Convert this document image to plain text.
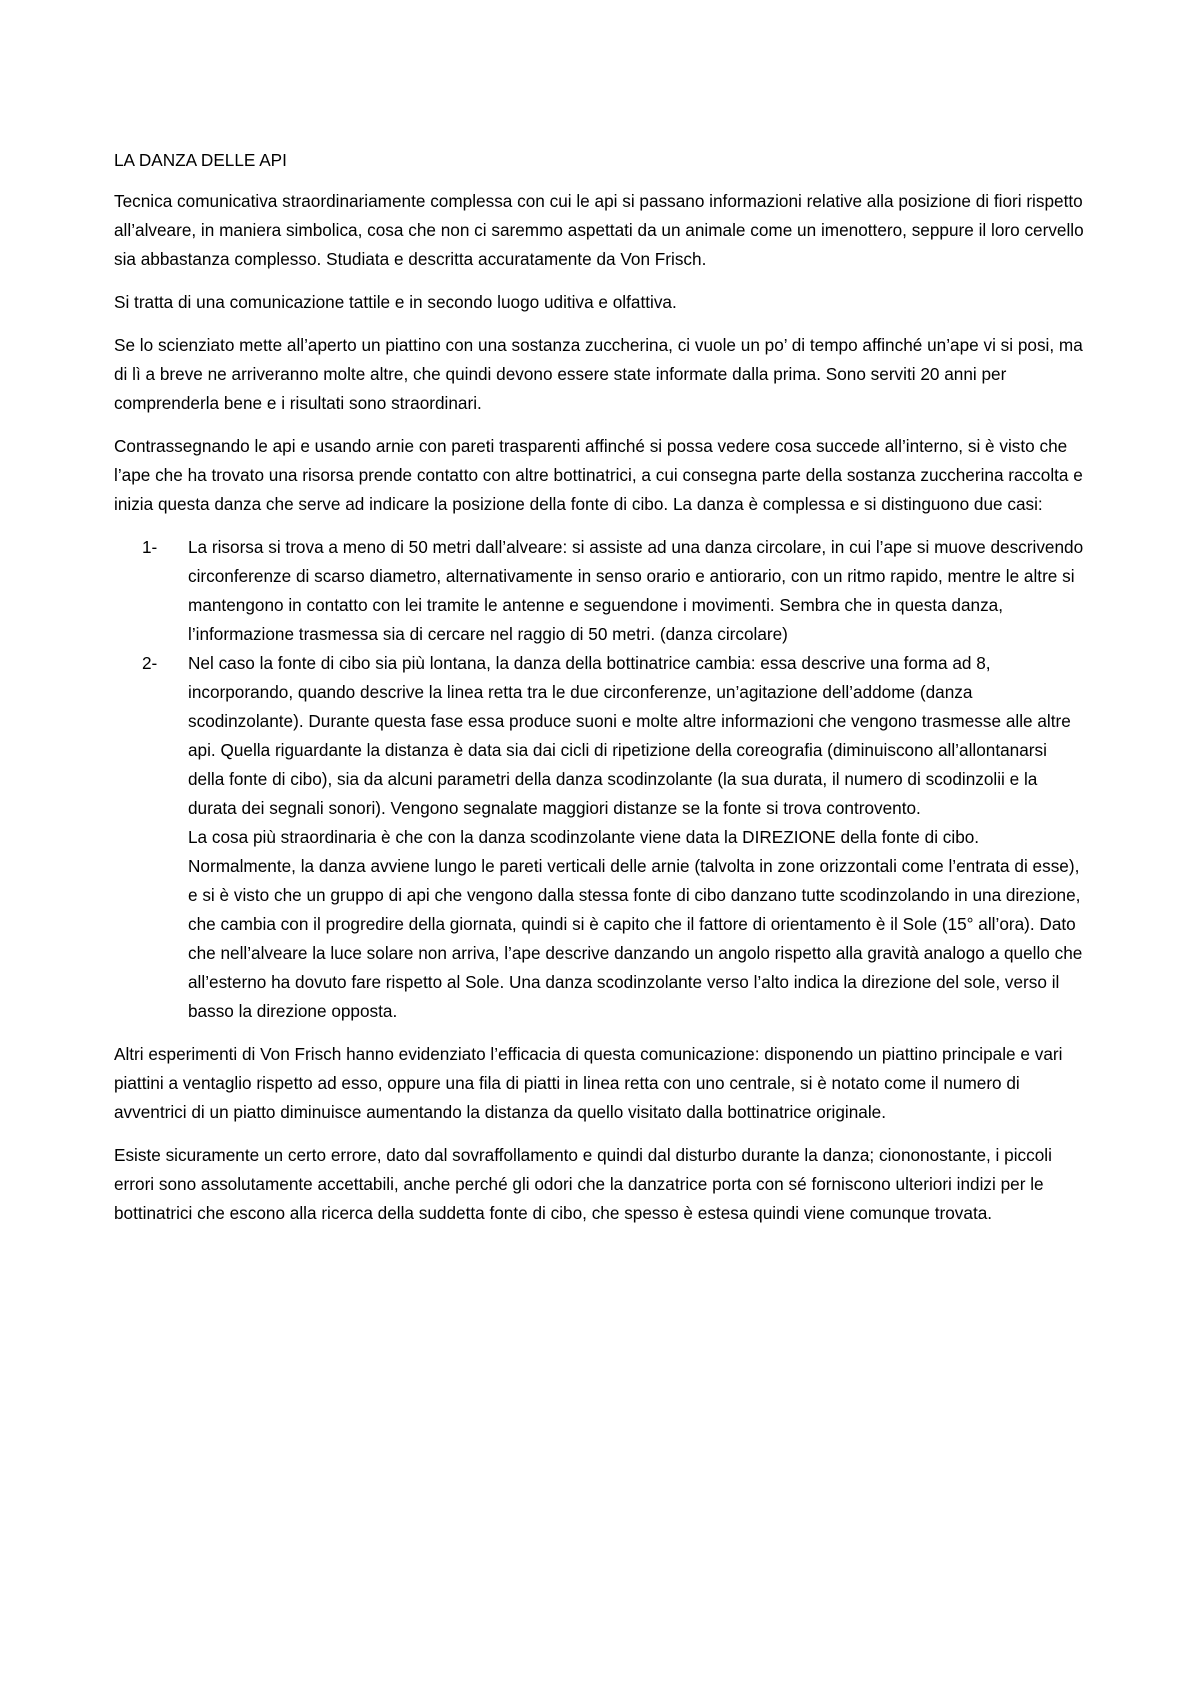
LA DANZA DELLE API

Tecnica comunicativa straordinariamente complessa con cui le api si passano informazioni relative alla posizione di fiori rispetto all’alveare, in maniera simbolica, cosa che non ci saremmo aspettati da un animale come un imenottero, seppure il loro cervello sia abbastanza complesso. Studiata e descritta accuratamente da Von Frisch.

Si tratta di una comunicazione tattile e in secondo luogo uditiva e olfattiva.

Se lo scienziato mette all’aperto un piattino con una sostanza zuccherina, ci vuole un po’ di tempo affinché un’ape vi si posi, ma di lì a breve ne arriveranno molte altre, che quindi devono essere state informate dalla prima. Sono serviti 20 anni per comprenderla bene e i risultati sono straordinari.

Contrassegnando le api e usando arnie con pareti trasparenti affinché si possa vedere cosa succede all’interno, si è visto che l’ape che ha trovato una risorsa prende contatto con altre bottinatrici, a cui consegna parte della sostanza zuccherina raccolta e inizia questa danza che serve ad indicare la posizione della fonte di cibo. La danza è complessa e si distinguono due casi:

1- La risorsa si trova a meno di 50 metri dall’alveare: si assiste ad una danza circolare, in cui l’ape si muove descrivendo circonferenze di scarso diametro, alternativamente in senso orario e antiorario, con un ritmo rapido, mentre le altre si mantengono in contatto con lei tramite le antenne e seguendone i movimenti. Sembra che in questa danza, l’informazione trasmessa sia di cercare nel raggio di 50 metri. (danza circolare)
2- Nel caso la fonte di cibo sia più lontana, la danza della bottinatrice cambia: essa descrive una forma ad 8, incorporando, quando descrive la linea retta tra le due circonferenze, un’agitazione dell’addome (danza scodinzolante). Durante questa fase essa produce suoni e molte altre informazioni che vengono trasmesse alle altre api. Quella riguardante la distanza è data sia dai cicli di ripetizione della coreografia (diminuiscono all’allontanarsi della fonte di cibo), sia da alcuni parametri della danza scodinzolante (la sua durata, il numero di scodinzolii e la durata dei segnali sonori). Vengono segnalate maggiori distanze se la fonte si trova controvento.
La cosa più straordinaria è che con la danza scodinzolante viene data la DIREZIONE della fonte di cibo. Normalmente, la danza avviene lungo le pareti verticali delle arnie (talvolta in zone orizzontali come l’entrata di esse), e si è visto che un gruppo di api che vengono dalla stessa fonte di cibo danzano tutte scodinzolando in una direzione, che cambia con il progredire della giornata, quindi si è capito che il fattore di orientamento è il Sole (15° all’ora). Dato che nell’alveare la luce solare non arriva, l’ape descrive danzando un angolo rispetto alla gravità analogo a quello che all’esterno ha dovuto fare rispetto al Sole. Una danza scodinzolante verso l’alto indica la direzione del sole, verso il basso la direzione opposta.

Altri esperimenti di Von Frisch hanno evidenziato l’efficacia di questa comunicazione: disponendo un piattino principale e vari piattini a ventaglio rispetto ad esso, oppure una fila di piatti in linea retta con uno centrale, si è notato come il numero di avventrici di un piatto diminuisce aumentando la distanza da quello visitato dalla bottinatrice originale.

Esiste sicuramente un certo errore, dato dal sovraffollamento e quindi dal disturbo durante la danza; ciononostante, i piccoli errori sono assolutamente accettabili, anche perché gli odori che la danzatrice porta con sé forniscono ulteriori indizi per le bottinatrici che escono alla ricerca della suddetta fonte di cibo, che spesso è estesa quindi viene comunque trovata.
